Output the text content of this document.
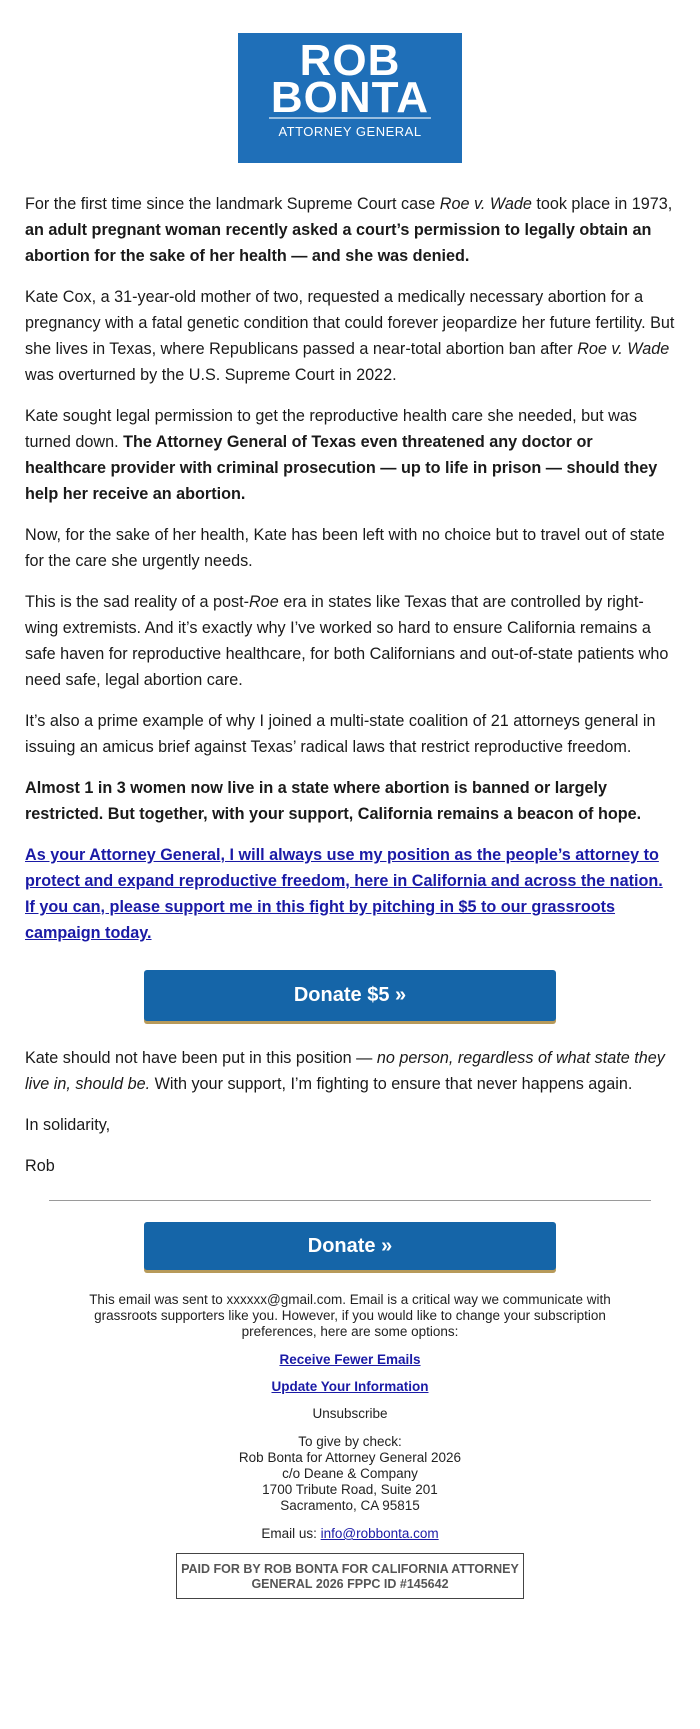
ROB
BONTA
ATTORNEY GENERAL

For the first time since the landmark Supreme Court case Roe v. Wade took place in 1973, an adult pregnant woman recently asked a court’s permission to legally obtain an abortion for the sake of her health — and she was denied.

Kate Cox, a 31-year-old mother of two, requested a medically necessary abortion for a pregnancy with a fatal genetic condition that could forever jeopardize her future fertility. But she lives in Texas, where Republicans passed a near-total abortion ban after Roe v. Wade was overturned by the U.S. Supreme Court in 2022.

Kate sought legal permission to get the reproductive health care she needed, but was turned down. The Attorney General of Texas even threatened any doctor or healthcare provider with criminal prosecution — up to life in prison — should they help her receive an abortion.

Now, for the sake of her health, Kate has been left with no choice but to travel out of state for the care she urgently needs.

This is the sad reality of a post-Roe era in states like Texas that are controlled by right-wing extremists. And it’s exactly why I’ve worked so hard to ensure California remains a safe haven for reproductive healthcare, for both Californians and out-of-state patients who need safe, legal abortion care.

It’s also a prime example of why I joined a multi-state coalition of 21 attorneys general in issuing an amicus brief against Texas’ radical laws that restrict reproductive freedom.

Almost 1 in 3 women now live in a state where abortion is banned or largely restricted. But together, with your support, California remains a beacon of hope.

As your Attorney General, I will always use my position as the people’s attorney to protect and expand reproductive freedom, here in California and across the nation. If you can, please support me in this fight by pitching in $5 to our grassroots campaign today.

Donate $5 »

Kate should not have been put in this position — no person, regardless of what state they live in, should be. With your support, I’m fighting to ensure that never happens again.

In solidarity,

Rob

Donate »

This email was sent to xxxxxx@gmail.com. Email is a critical way we communicate with grassroots supporters like you. However, if you would like to change your subscription preferences, here are some options:

Receive Fewer Emails

Update Your Information

Unsubscribe

To give by check:

Rob Bonta for Attorney General 2026

c/o Deane & Company

1700 Tribute Road, Suite 201

Sacramento, CA 95815

Email us: info@robbonta.com

PAID FOR BY ROB BONTA FOR CALIFORNIA ATTORNEY GENERAL 2026 FPPC ID #145642
